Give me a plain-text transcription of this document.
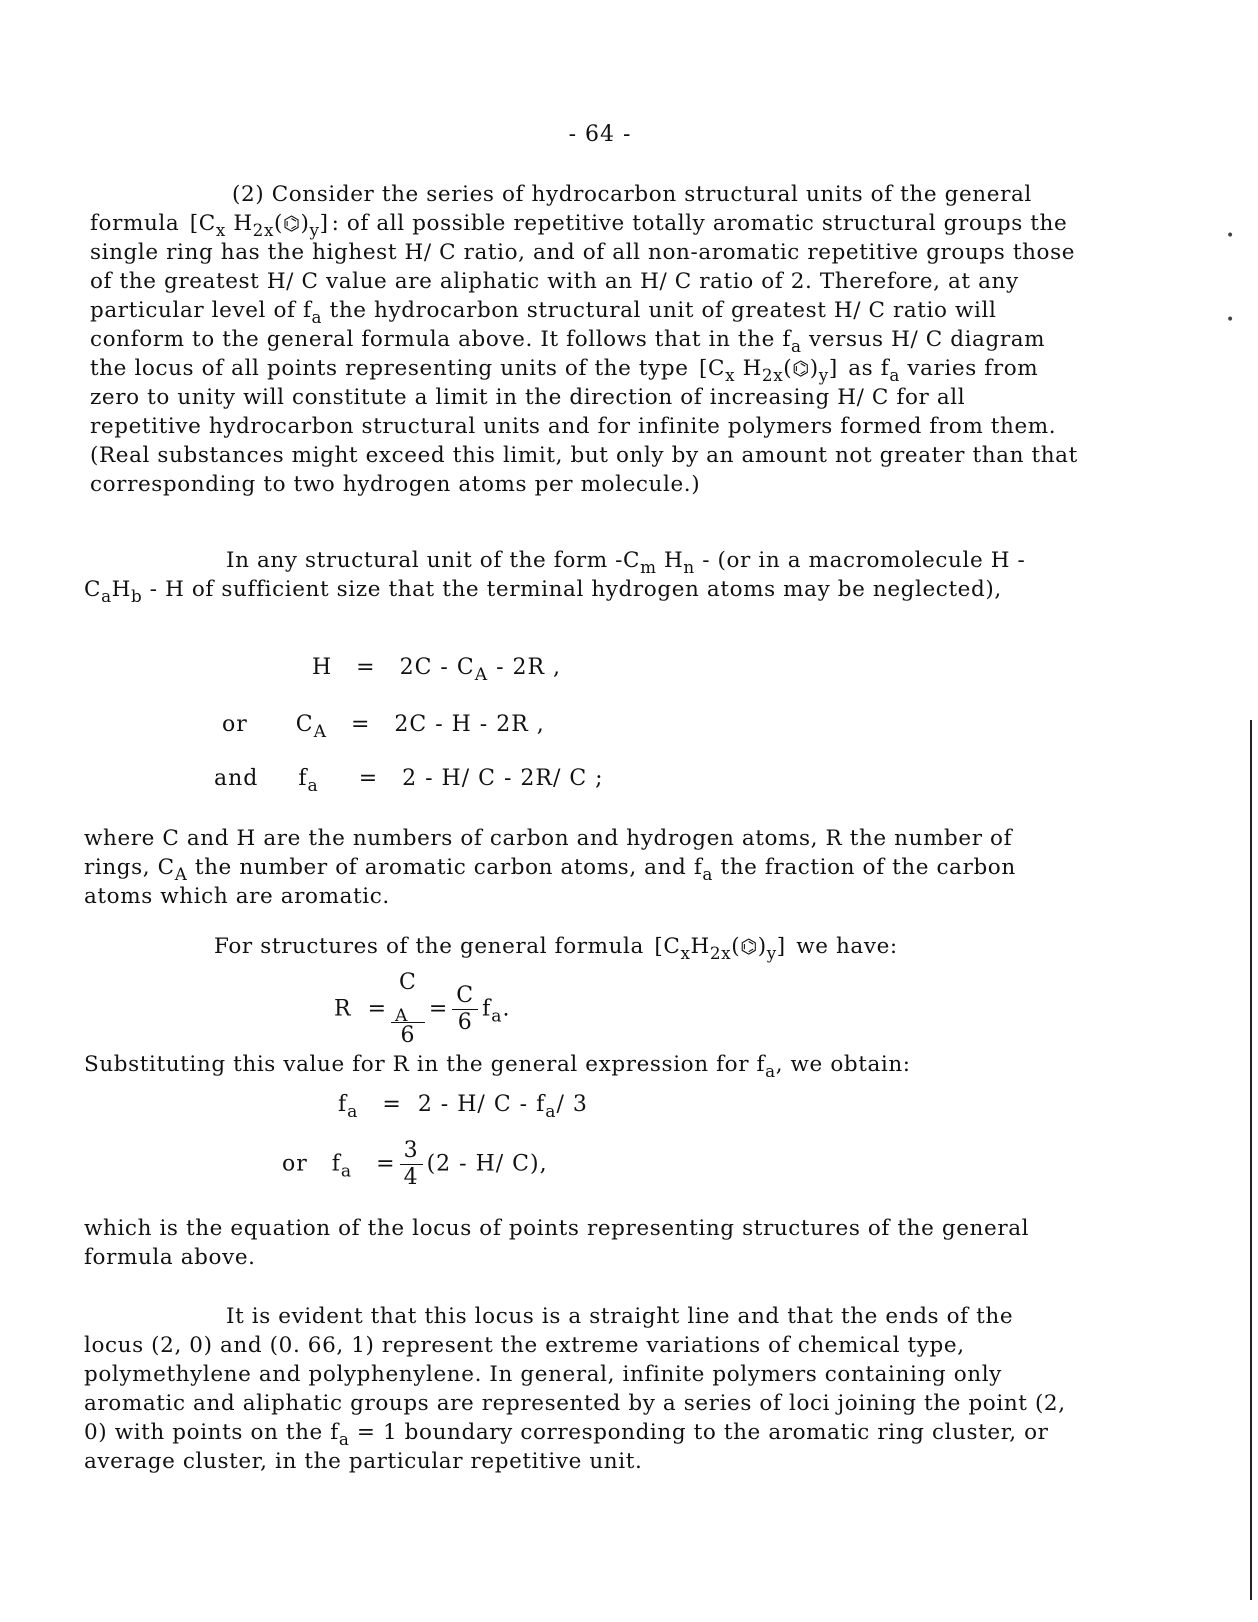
- 64 -

(2) Consider the series of hydrocarbon structural units of the general formula [$C_x$ $H_{2x}(⌬)_y$] : of all possible repetitive totally aromatic structural groups the single ring has the highest H/ C ratio, and of all non-aromatic repetitive groups those of the greatest H/ C value are aliphatic with an H/ C ratio of 2. Therefore, at any particular level of $f_a$ the hydrocarbon structural unit of greatest H/ C ratio will conform to the general formula above. It follows that in the $f_a$ versus H/ C diagram the locus of all points representing units of the type [$C_x$ $H_{2x}(⌬)_y$] as $f_a$ varies from zero to unity will constitute a limit in the direction of increasing H/ C for all repetitive hydrocarbon structural units and for infinite polymers formed from them. (Real substances might exceed this limit, but only by an amount not greater than that corresponding to two hydrogen atoms per molecule.)

In any structural unit of the form $-C_m$ $H_n - (or$ in a macromolecule H - $C_aH_b$ - H of sufficient size that the terminal hydrogen atoms may be neglected),

$H = 2C - C_A - 2R$ ,
or $C_A = 2C - H - 2R$ ,
and $f_a = 2 - H/$ C - 2R/ C ;

where C and H are the numbers of carbon and hydrogen atoms, R the number of rings, $C_A$ the number of aromatic carbon atoms, and $f_a$ the fraction of the carbon atoms which are aromatic.

For structures of the general formula $[C_xH_{2x}(⌬)_y]$ we have:

R = C
$_A$
$6 = \frac{C}{6} f_a$.

Substituting this value for R in the general expression for $f_a$, we obtain:

$f_a = 2 - H/$ C - $f_a/$ 3
or $f_a = \frac{3}{4} (2 - H/$ C),

which is the equation of the locus of points representing structures of the general formula above.

It is evident that this locus is a straight line and that the ends of the locus (2, 0) and (0. 66, 1) represent the extreme variations of chemical type, polymethylene and polyphenylene. In general, infinite polymers containing only aromatic and aliphatic groups are represented by a series of loci joining the point (2, 0) with points on the $f_a = 1$ boundary corresponding to the aromatic ring cluster, or average cluster, in the particular repetitive unit.

•
•
